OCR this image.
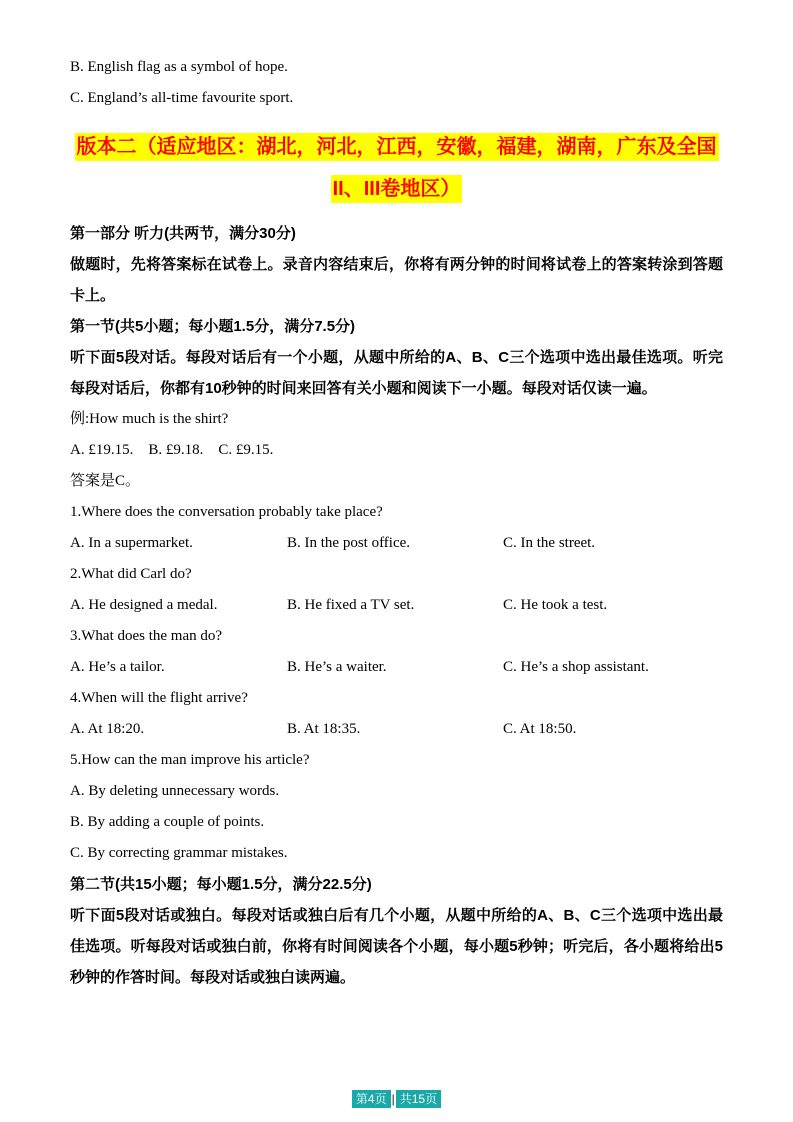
B. English flag as a symbol of hope.
C. England’s all-time favourite sport.
版本二（适应地区：湖北，河北，江西，安徽，福建，湖南，广东及全国II、III卷地区）
第一部分 听力(共两节，满分30分)
做题时，先将答案标在试卷上。录音内容结束后，你将有两分钟的时间将试卷上的答案转涂到答题卡上。
第一节(共5小题；每小题1.5分，满分7.5分)
听下面5段对话。每段对话后有一个小题，从题中所给的A、B、C三个选项中选出最佳选项。听完每段对话后，你都有10秒钟的时间来回答有关小题和阅读下一小题。每段对话仅读一遍。
例:How much is the shirt?
A. £19.15.    B. £9.18.    C. £9.15.
答案是C。
1.Where does the conversation probably take place?
A. In a supermarket.	B. In the post office.	C. In the street.
2.What did Carl do?
A. He designed a medal.	B. He fixed a TV set.	C. He took a test.
3.What does the man do?
A. He’s a tailor.	B. He’s a waiter.	C. He’s a shop assistant.
4.When will the flight arrive?
A. At 18:20.	B. At 18:35.	C. At 18:50.
5.How can the man improve his article?
A. By deleting unnecessary words.
B. By adding a couple of points.
C. By correcting grammar mistakes.
第二节(共15小题；每小题1.5分，满分22.5分)
听下面5段对话或独白。每段对话或独白后有几个小题，从题中所给的A、B、C三个选项中选出最佳选项。听每段对话或独白前，你将有时间阅读各个小题，每小题5秒钟；听完后，各小题将给出5秒钟的作答时间。每段对话或独白读两遍。
第4页 | 共15页
